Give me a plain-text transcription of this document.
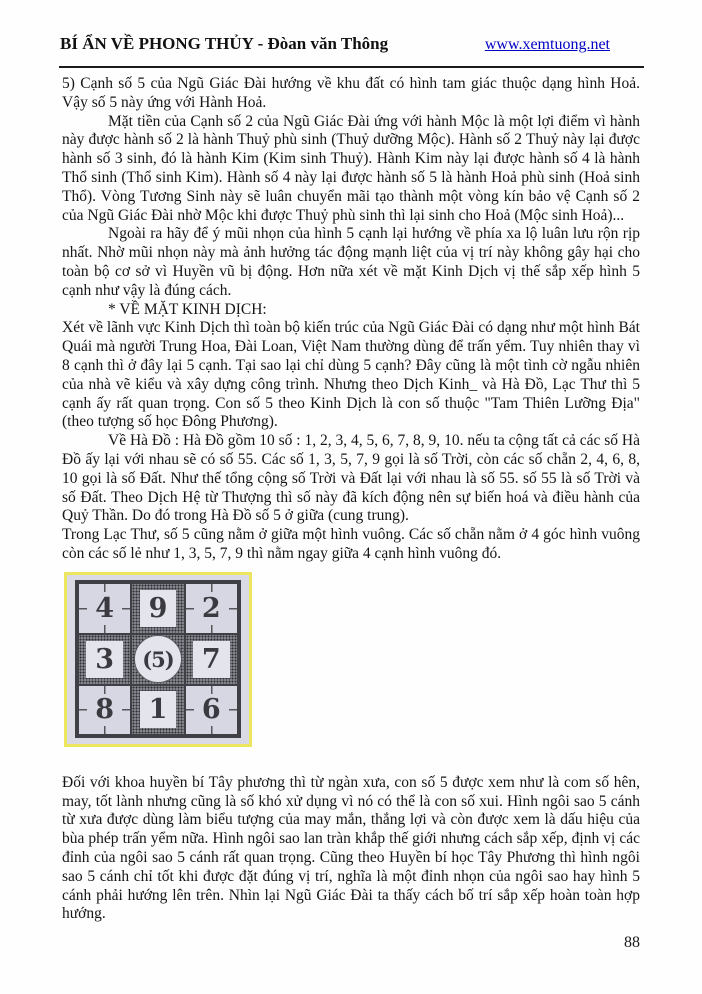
BÍ ẨN VỀ PHONG THỦY - Đòan văn Thông	www.xemtuong.net

5) Cạnh số 5 của Ngũ Giác Đài hướng về khu đất có hình tam giác thuộc dạng hình Hoả. Vậy số 5 này ứng với Hành Hoả.

Mặt tiền của Cạnh số 2 của Ngũ Giác Đài ứng với hành Mộc là một lợi điểm vì hành này được hành số 2 là hành Thuỷ phù sinh (Thuỷ dưỡng Mộc). Hành số 2 Thuỷ này lại được hành số 3 sinh, đó là hành Kim (Kim sinh Thuỷ). Hành Kim này lại được hành số 4 là hành Thổ sinh (Thổ sinh Kim). Hành số 4 này lại được hành số 5 là hành Hoả phù sinh (Hoả sinh Thổ). Vòng Tương Sinh này sẽ luân chuyển mãi tạo thành một vòng kín bảo vệ Cạnh số 2 của Ngũ Giác Đài nhờ Mộc khi được Thuỷ phù sinh thì lại sinh cho Hoả (Mộc sinh Hoả)...

Ngoài ra hãy để ý mũi nhọn của hình 5 cạnh lại hướng về phía xa lộ luân lưu rộn rịp nhất. Nhờ mũi nhọn này mà ảnh hưởng tác động mạnh liệt của vị trí này không gây hại cho toàn bộ cơ sở vì Huyền vũ bị động. Hơn nữa xét về mặt Kinh Dịch vị thế sắp xếp hình 5 cạnh như vậy là đúng cách.

* VỀ MẶT KINH DỊCH:

Xét về lãnh vực Kinh Dịch thì toàn bộ kiến trúc của Ngũ Giác Đài có dạng như một hình Bát Quái mà người Trung Hoa, Đài Loan, Việt Nam thường dùng để trấn yểm. Tuy nhiên thay vì 8 cạnh thì ở đây lại 5 cạnh. Tại sao lại chỉ dùng 5 cạnh? Đây cũng là một tình cờ ngẫu nhiên của nhà vẽ kiểu và xây dựng công trình. Nhưng theo Dịch Kinh_ và Hà Đồ, Lạc Thư thì 5 cạnh ấy rất quan trọng. Con số 5 theo Kinh Dịch là con số thuộc "Tam Thiên Lưỡng Địa" (theo tượng số học Đông Phương).

Về Hà Đồ : Hà Đồ gồm 10 số : 1, 2, 3, 4, 5, 6, 7, 8, 9, 10. nếu ta cộng tất cả các số Hà Đồ ấy lại với nhau sẽ có số 55. Các số 1, 3, 5, 7, 9 gọi là số Trời, còn các số chẵn 2, 4, 6, 8, 10 gọi là số Đất. Như thế tổng cộng số Trời và Đất lại với nhau là số 55. số 55 là số Trời và số Đất. Theo Dịch Hệ từ Thượng thì số này đã kích động nên sự biến hoá và điều hành của Quỷ Thần. Do đó trong Hà Đồ số 5 ở giữa (cung trung).

Trong Lạc Thư, số 5 cũng nằm ở giữa một hình vuông. Các số chẵn nằm ở 4 góc hình vuông còn các số lẻ như 1, 3, 5, 7, 9 thì nằm ngay giữa 4 cạnh hình vuông đó.

4 9 2
3 (5) 7
8 1 6

Đối với khoa huyền bí Tây phương thì từ ngàn xưa, con số 5 được xem như là com số hên, may, tốt lành nhưng cũng là số khó xử dụng vì nó có thể là con số xui. Hình ngôi sao 5 cánh từ xưa được dùng làm biểu tượng của may mắn, thắng lợi và còn được xem là dấu hiệu của bùa phép trấn yểm nữa. Hình ngôi sao lan tràn khắp thế giới nhưng cách sắp xếp, định vị các đỉnh của ngôi sao 5 cánh rất quan trọng. Cũng theo Huyền bí học Tây Phương thì hình ngôi sao 5 cánh chỉ tốt khi được đặt đúng vị trí, nghĩa là một đỉnh nhọn của ngôi sao hay hình 5 cánh phải hướng lên trên. Nhìn lại Ngũ Giác Đài ta thấy cách bố trí sắp xếp hoàn toàn hợp hướng.

88
